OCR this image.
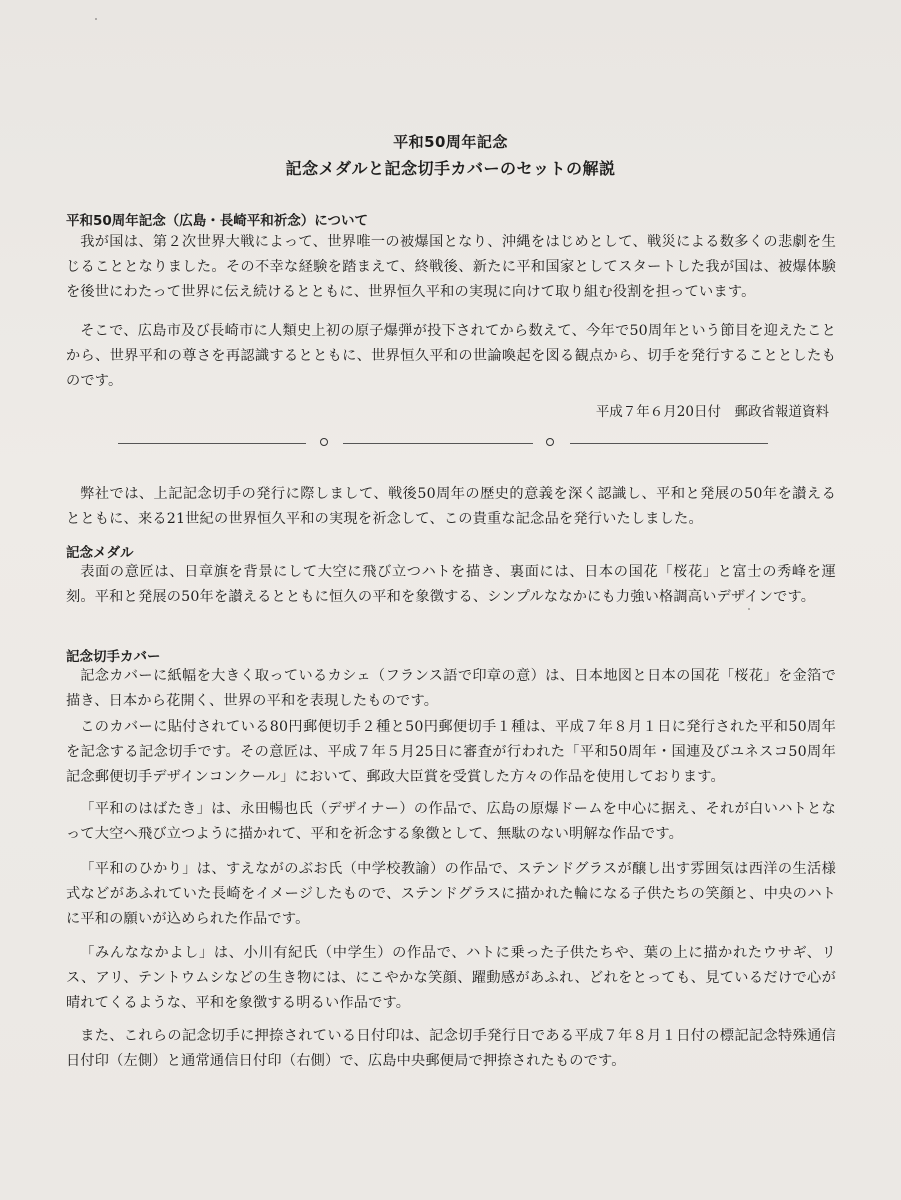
平和50周年記念
記念メダルと記念切手カバーのセットの解説
平和50周年記念（広島・長崎平和祈念）について
我が国は、第２次世界大戦によって、世界唯一の被爆国となり、沖縄をはじめとして、戦災による数多くの悲劇を生じることとなりました。その不幸な経験を踏まえて、終戦後、新たに平和国家としてスタートした我が国は、被爆体験を後世にわたって世界に伝え続けるとともに、世界恒久平和の実現に向けて取り組む役割を担っています。
そこで、広島市及び長崎市に人類史上初の原子爆弾が投下されてから数えて、今年で50周年という節目を迎えたことから、世界平和の尊さを再認識するとともに、世界恒久平和の世論喚起を図る観点から、切手を発行することとしたものです。
平成７年６月20日付　郵政省報道資料
弊社では、上記記念切手の発行に際しまして、戦後50周年の歴史的意義を深く認識し、平和と発展の50年を讃えるとともに、来る21世紀の世界恒久平和の実現を祈念して、この貴重な記念品を発行いたしました。
記念メダル
表面の意匠は、日章旗を背景にして大空に飛び立つハトを描き、裏面には、日本の国花「桜花」と富士の秀峰を運刻。平和と発展の50年を讃えるとともに恒久の平和を象徴する、シンプルななかにも力強い格調高いデザインです。
記念切手カバー
記念カバーに紙幅を大きく取っているカシェ（フランス語で印章の意）は、日本地図と日本の国花「桜花」を金箔で描き、日本から花開く、世界の平和を表現したものです。
このカバーに貼付されている80円郵便切手２種と50円郵便切手１種は、平成７年８月１日に発行された平和50周年を記念する記念切手です。その意匠は、平成７年５月25日に審査が行われた「平和50周年・国連及びユネスコ50周年記念郵便切手デザインコンクール」において、郵政大臣賞を受賞した方々の作品を使用しております。
「平和のはばたき」は、永田暢也氏（デザイナー）の作品で、広島の原爆ドームを中心に据え、それが白いハトとなって大空へ飛び立つように描かれて、平和を祈念する象徴として、無駄のない明解な作品です。
「平和のひかり」は、すえながのぶお氏（中学校教諭）の作品で、ステンドグラスが醸し出す雰囲気は西洋の生活様式などがあふれていた長崎をイメージしたもので、ステンドグラスに描かれた輪になる子供たちの笑顔と、中央のハトに平和の願いが込められた作品です。
「みんななかよし」は、小川有紀氏（中学生）の作品で、ハトに乗った子供たちや、葉の上に描かれたウサギ、リス、アリ、テントウムシなどの生き物には、にこやかな笑顔、躍動感があふれ、どれをとっても、見ているだけで心が晴れてくるような、平和を象徴する明るい作品です。
また、これらの記念切手に押捺されている日付印は、記念切手発行日である平成７年８月１日付の標記記念特殊通信日付印（左側）と通常通信日付印（右側）で、広島中央郵便局で押捺されたものです。
